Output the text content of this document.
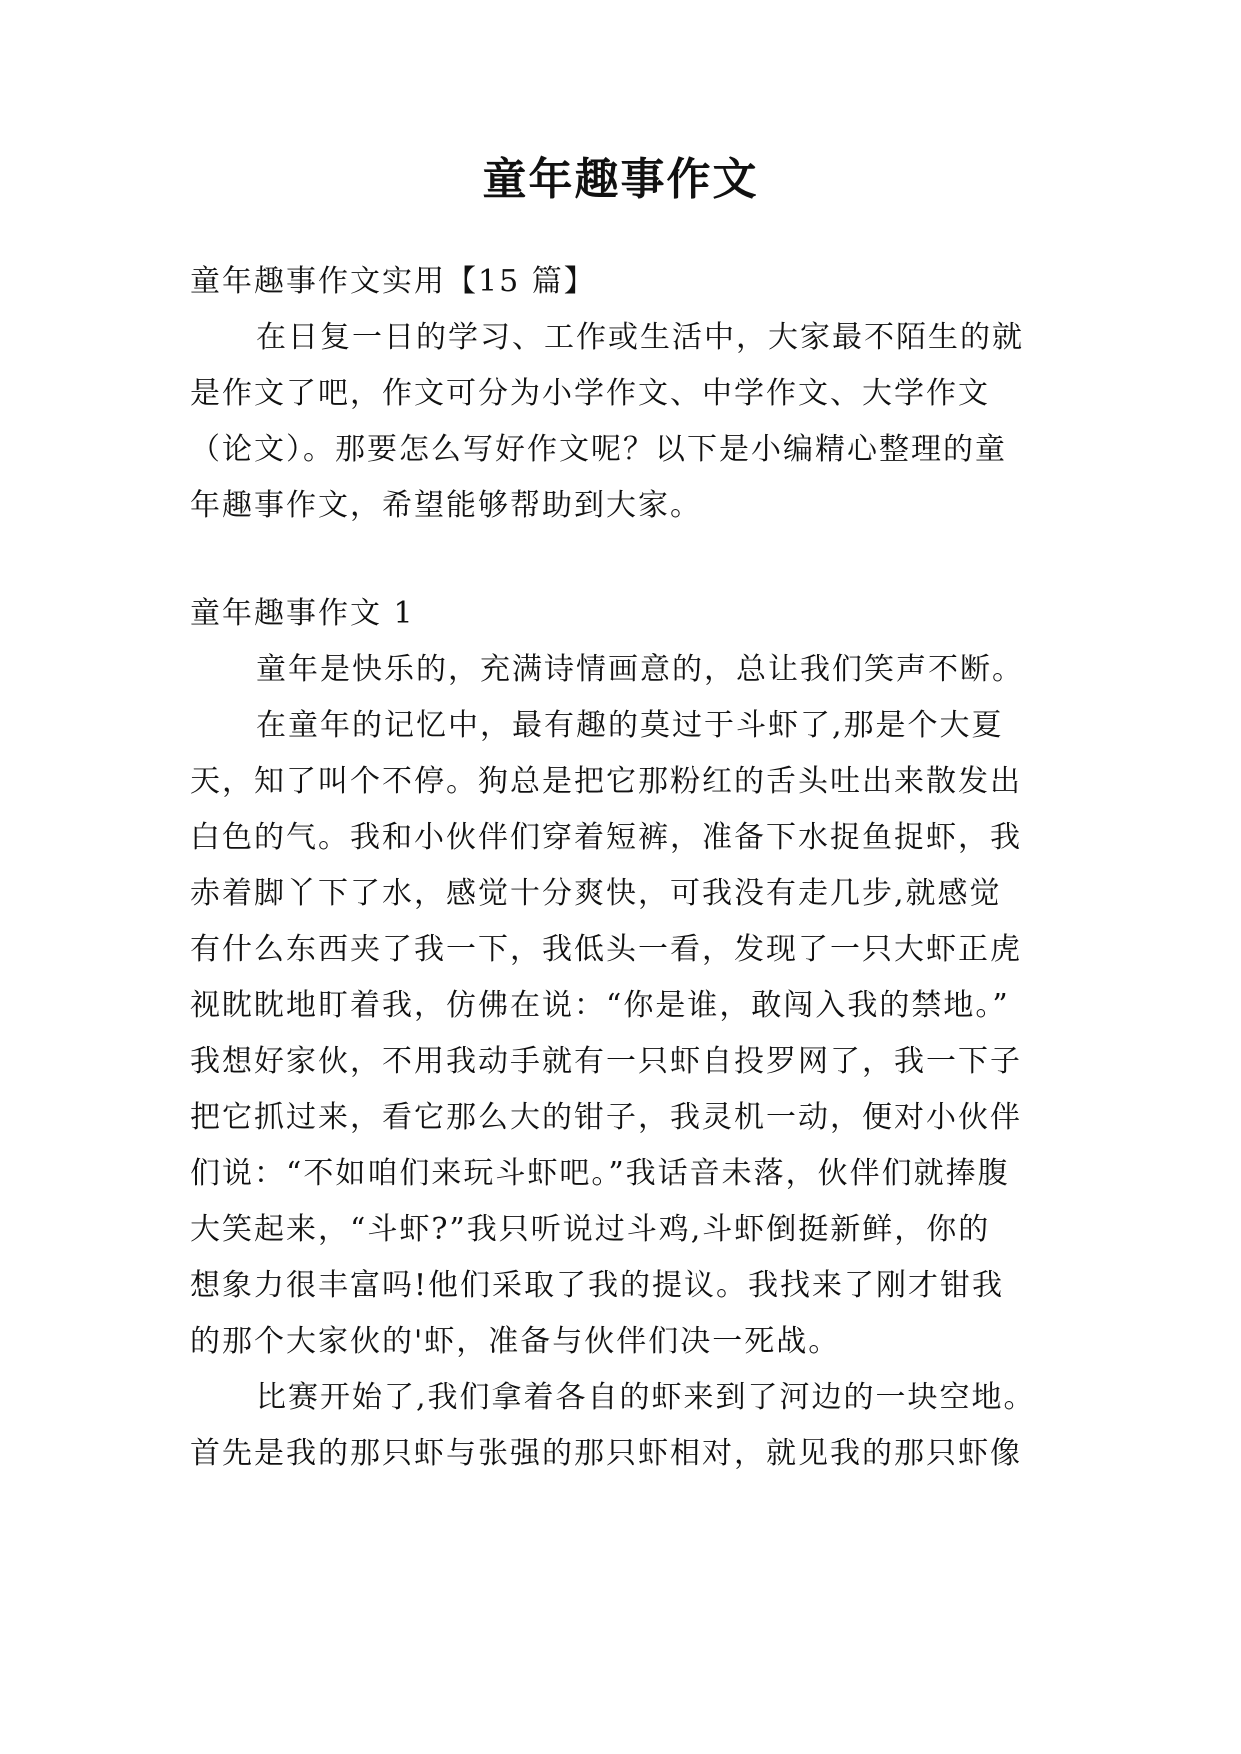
童年趣事作文
童年趣事作文实用【15 篇】
在日复一日的学习、工作或生活中，大家最不陌生的就
是作文了吧，作文可分为小学作文、中学作文、大学作文
（论文）。那要怎么写好作文呢？以下是小编精心整理的童
年趣事作文，希望能够帮助到大家。
童年趣事作文 1
童年是快乐的，充满诗情画意的，总让我们笑声不断。
在童年的记忆中，最有趣的莫过于斗虾了,那是个大夏
天，知了叫个不停。狗总是把它那粉红的舌头吐出来散发出
白色的气。我和小伙伴们穿着短裤，准备下水捉鱼捉虾，我
赤着脚丫下了水，感觉十分爽快，可我没有走几步,就感觉
有什么东西夹了我一下，我低头一看，发现了一只大虾正虎
视眈眈地盯着我，仿佛在说：“你是谁，敢闯入我的禁地。”
我想好家伙，不用我动手就有一只虾自投罗网了，我一下子
把它抓过来，看它那么大的钳子，我灵机一动，便对小伙伴
们说：“不如咱们来玩斗虾吧。”我话音未落，伙伴们就捧腹
大笑起来，“斗虾?”我只听说过斗鸡,斗虾倒挺新鲜，你的
想象力很丰富吗!他们采取了我的提议。我找来了刚才钳我
的那个大家伙的'虾，准备与伙伴们决一死战。
比赛开始了,我们拿着各自的虾来到了河边的一块空地。
首先是我的那只虾与张强的那只虾相对，就见我的那只虾像
